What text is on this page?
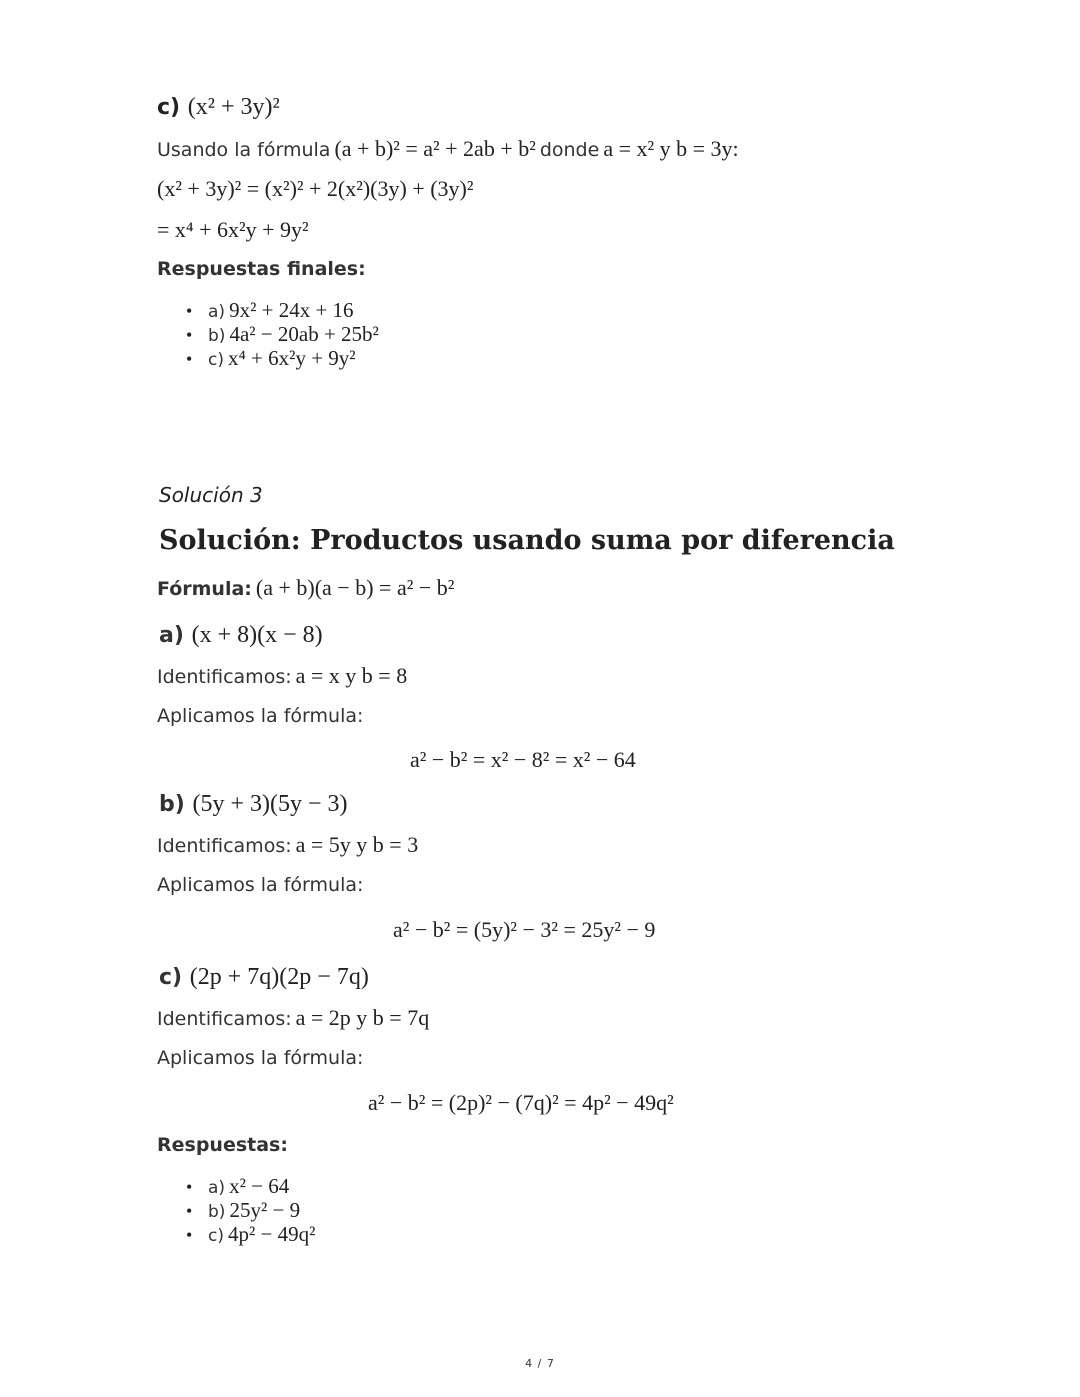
c) (x² + 3y)²
Usando la fórmula (a + b)² = a² + 2ab + b² donde a = x² y b = 3y:
(x² + 3y)² = (x²)² + 2(x²)(3y) + (3y)²
= x⁴ + 6x²y + 9y²
Respuestas finales:
• a) 9x² + 24x + 16
• b) 4a² − 20ab + 25b²
• c) x⁴ + 6x²y + 9y²
Solución 3
Solución: Productos usando suma por diferencia
Fórmula: (a + b)(a − b) = a² − b²
a) (x + 8)(x − 8)
Identificamos: a = x y b = 8
Aplicamos la fórmula:
a² − b² = x² − 8² = x² − 64
b) (5y + 3)(5y − 3)
Identificamos: a = 5y y b = 3
Aplicamos la fórmula:
a² − b² = (5y)² − 3² = 25y² − 9
c) (2p + 7q)(2p − 7q)
Identificamos: a = 2p y b = 7q
Aplicamos la fórmula:
a² − b² = (2p)² − (7q)² = 4p² − 49q²
Respuestas:
• a) x² − 64
• b) 25y² − 9
• c) 4p² − 49q²
4 / 7
